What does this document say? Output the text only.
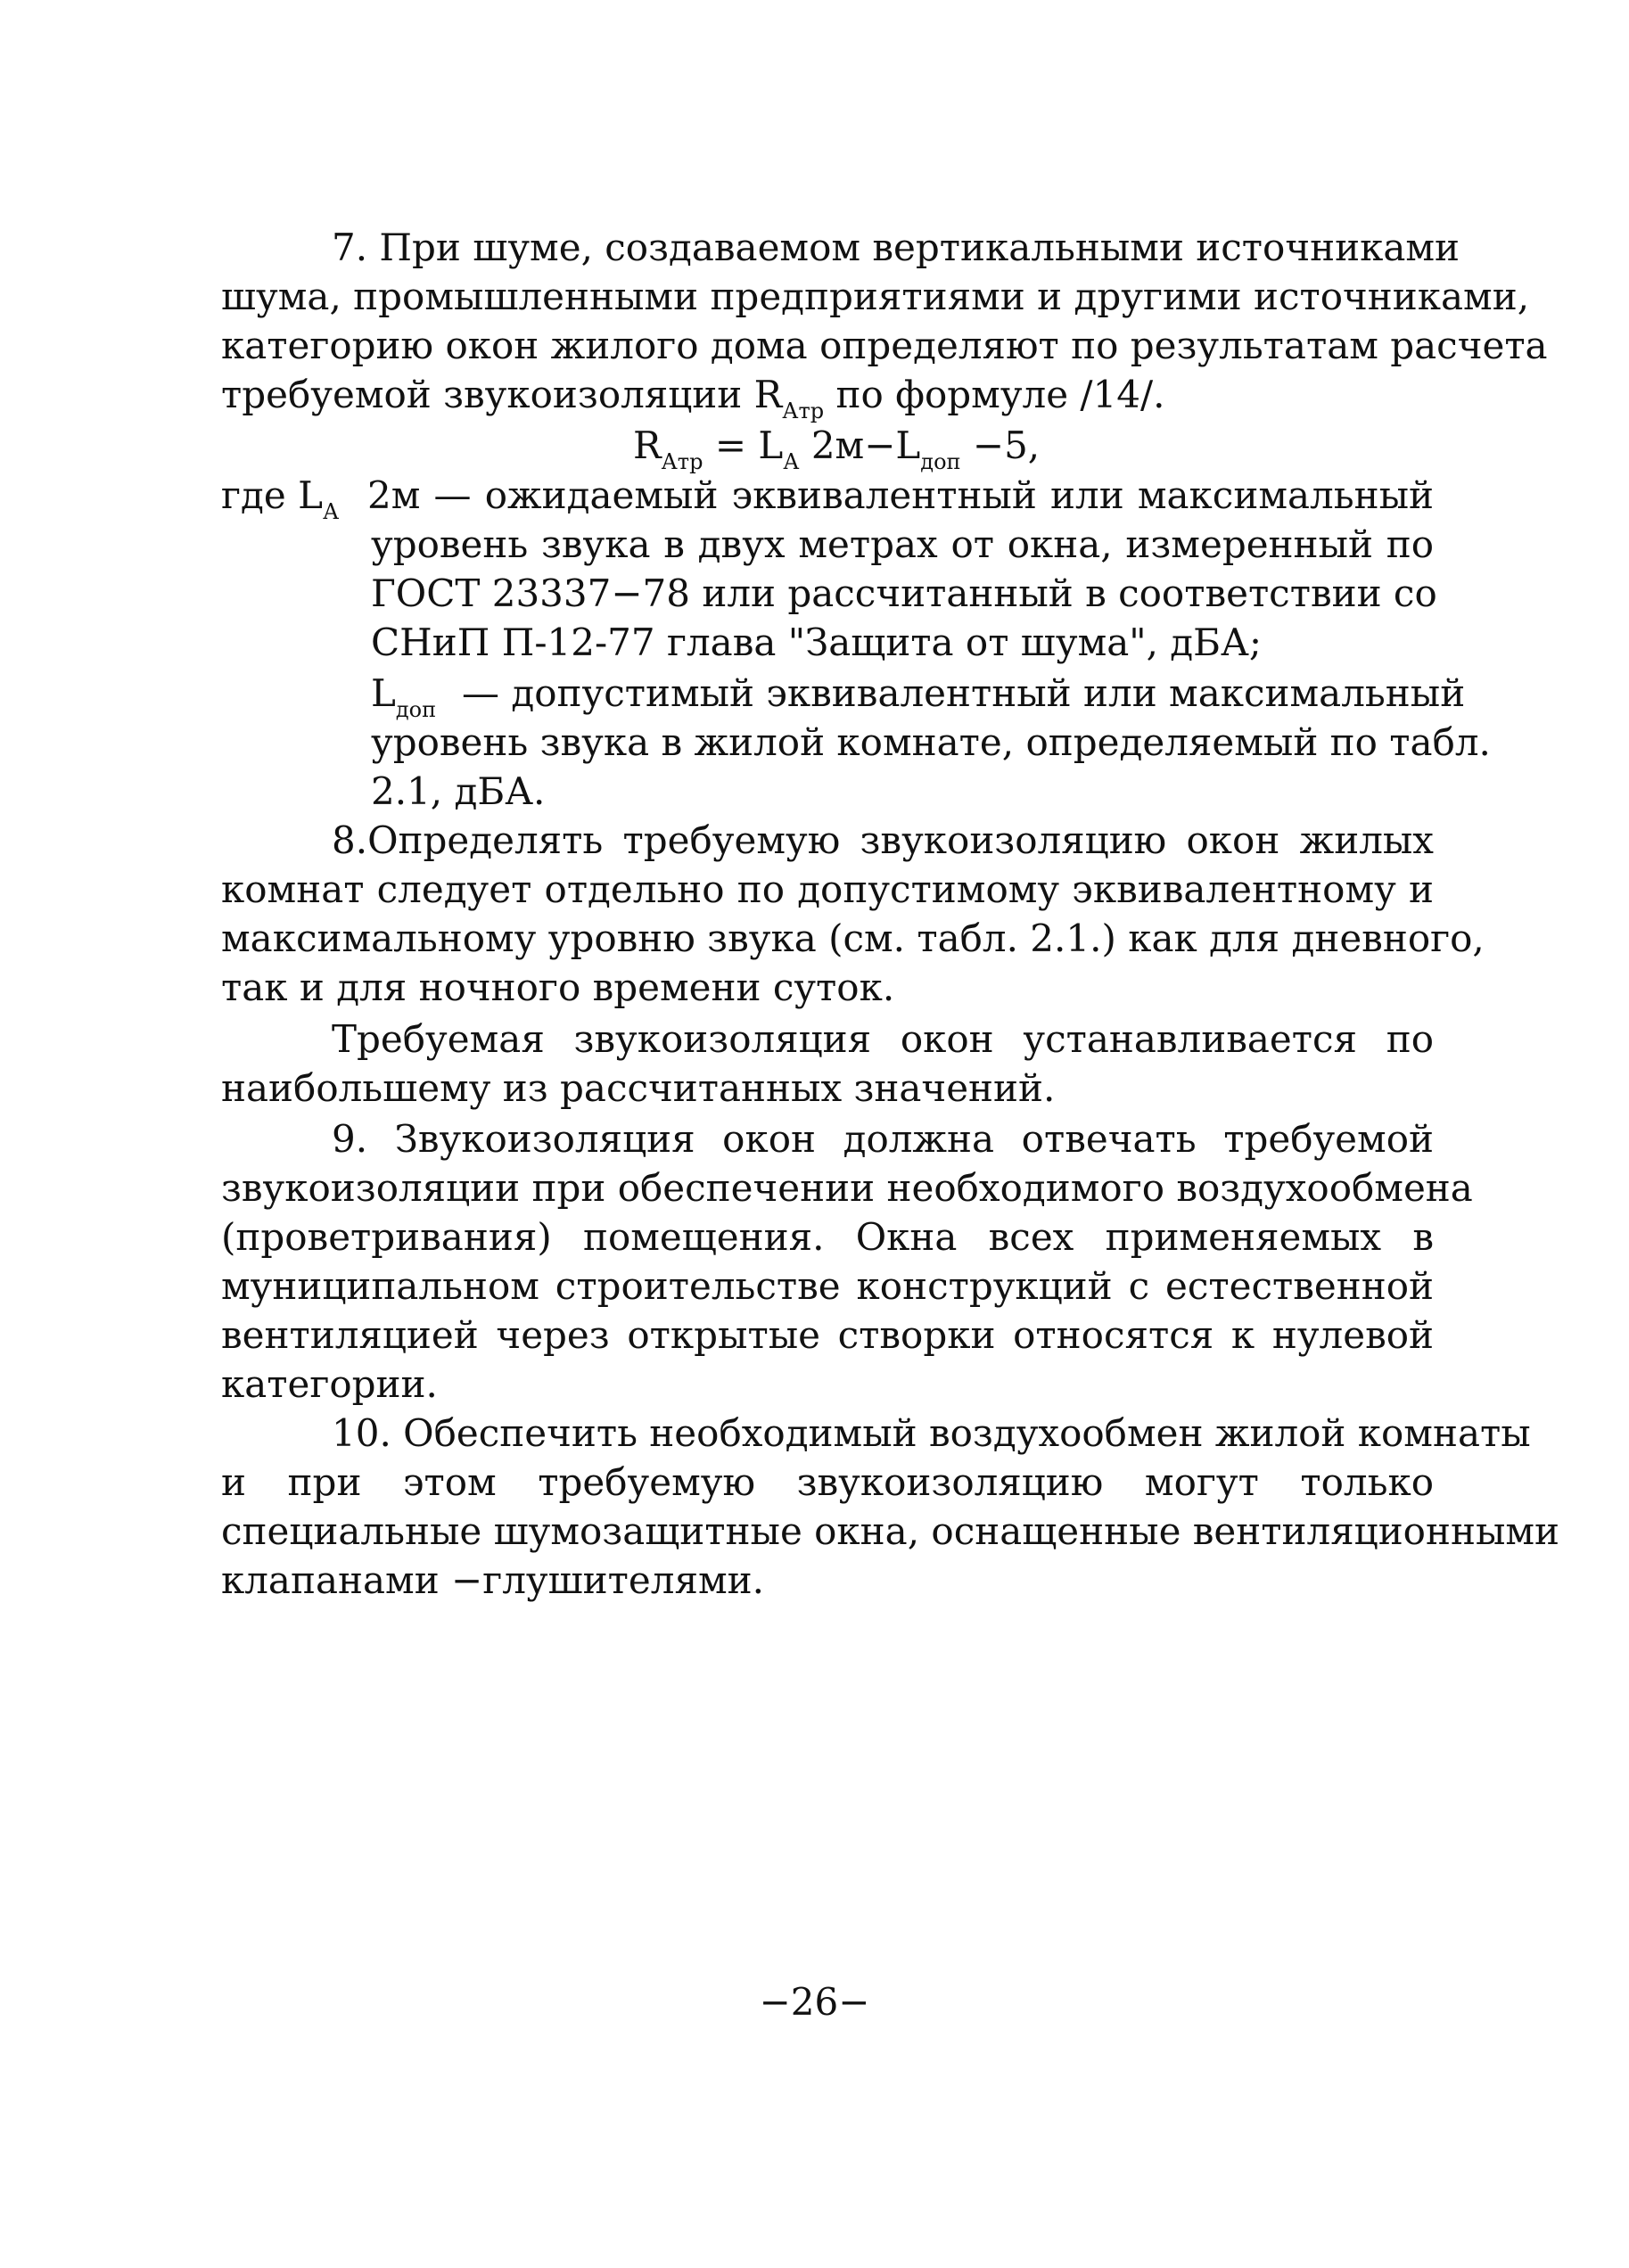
7. При шуме, создаваемом вертикальными источниками
шума, промышленными предприятиями и другими источниками,
категорию окон жилого дома определяют по результатам расчета
требуемой звукоизоляции $R_{Атр}$ по формуле /14/.
$R_{Атр} = L_А$ $2м-L_{доп} -5$,
где $L_А$ 2м — ожидаемый эквивалентный или максимальный
уровень звука в двух метрах от окна, измеренный по
ГОСТ 23337−78 или рассчитанный в соответствии со
СНиП П-12-77 глава "Защита от шума", дБА;
$L_{доп}$ — допустимый эквивалентный или максимальный
уровень звука в жилой комнате, определяемый по табл.
2.1, дБА.
8.Определять требуемую звукоизоляцию окон жилых
комнат следует отдельно по допустимому эквивалентному и
максимальному уровню звука (см. табл. 2.1.) как для дневного,
так и для ночного времени суток.
Требуемая звукоизоляция окон устанавливается по
наибольшему из рассчитанных значений.
9. Звукоизоляция окон должна отвечать требуемой
звукоизоляции при обеспечении необходимого воздухообмена
(проветривания) помещения. Окна всех применяемых в
муниципальном строительстве конструкций с естественной
вентиляцией через открытые створки относятся к нулевой
категории.
10. Обеспечить необходимый воздухообмен жилой комнаты
и при этом требуемую звукоизоляцию могут только
специальные шумозащитные окна, оснащенные вентиляционными
клапанами −глушителями.
−26−
